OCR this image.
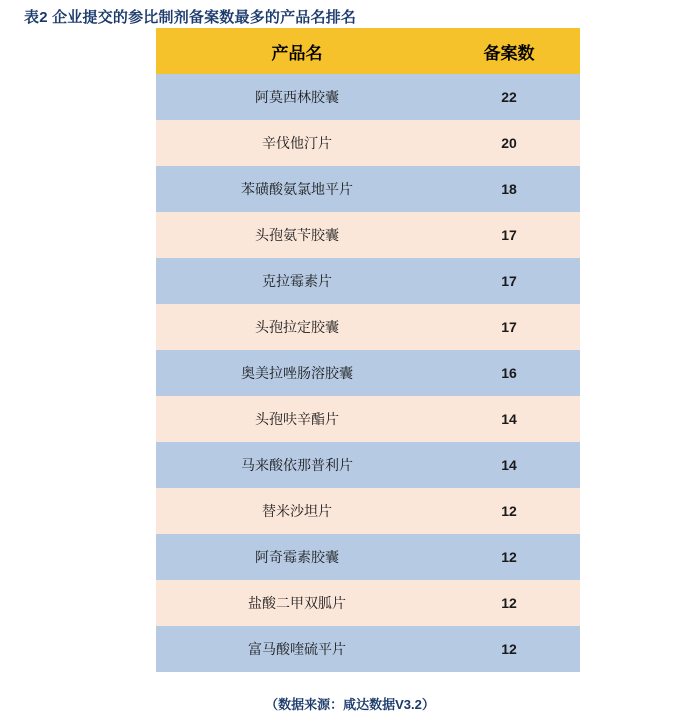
表2 企业提交的参比制剂备案数最多的产品名排名
产品名	备案数
阿莫西林胶囊	22
辛伐他汀片	20
苯磺酸氨氯地平片	18
头孢氨苄胶囊	17
克拉霉素片	17
头孢拉定胶囊	17
奥美拉唑肠溶胶囊	16
头孢呋辛酯片	14
马来酸依那普利片	14
替米沙坦片	12
阿奇霉素胶囊	12
盐酸二甲双胍片	12
富马酸喹硫平片	12
（数据来源：咸达数据V3.2）
